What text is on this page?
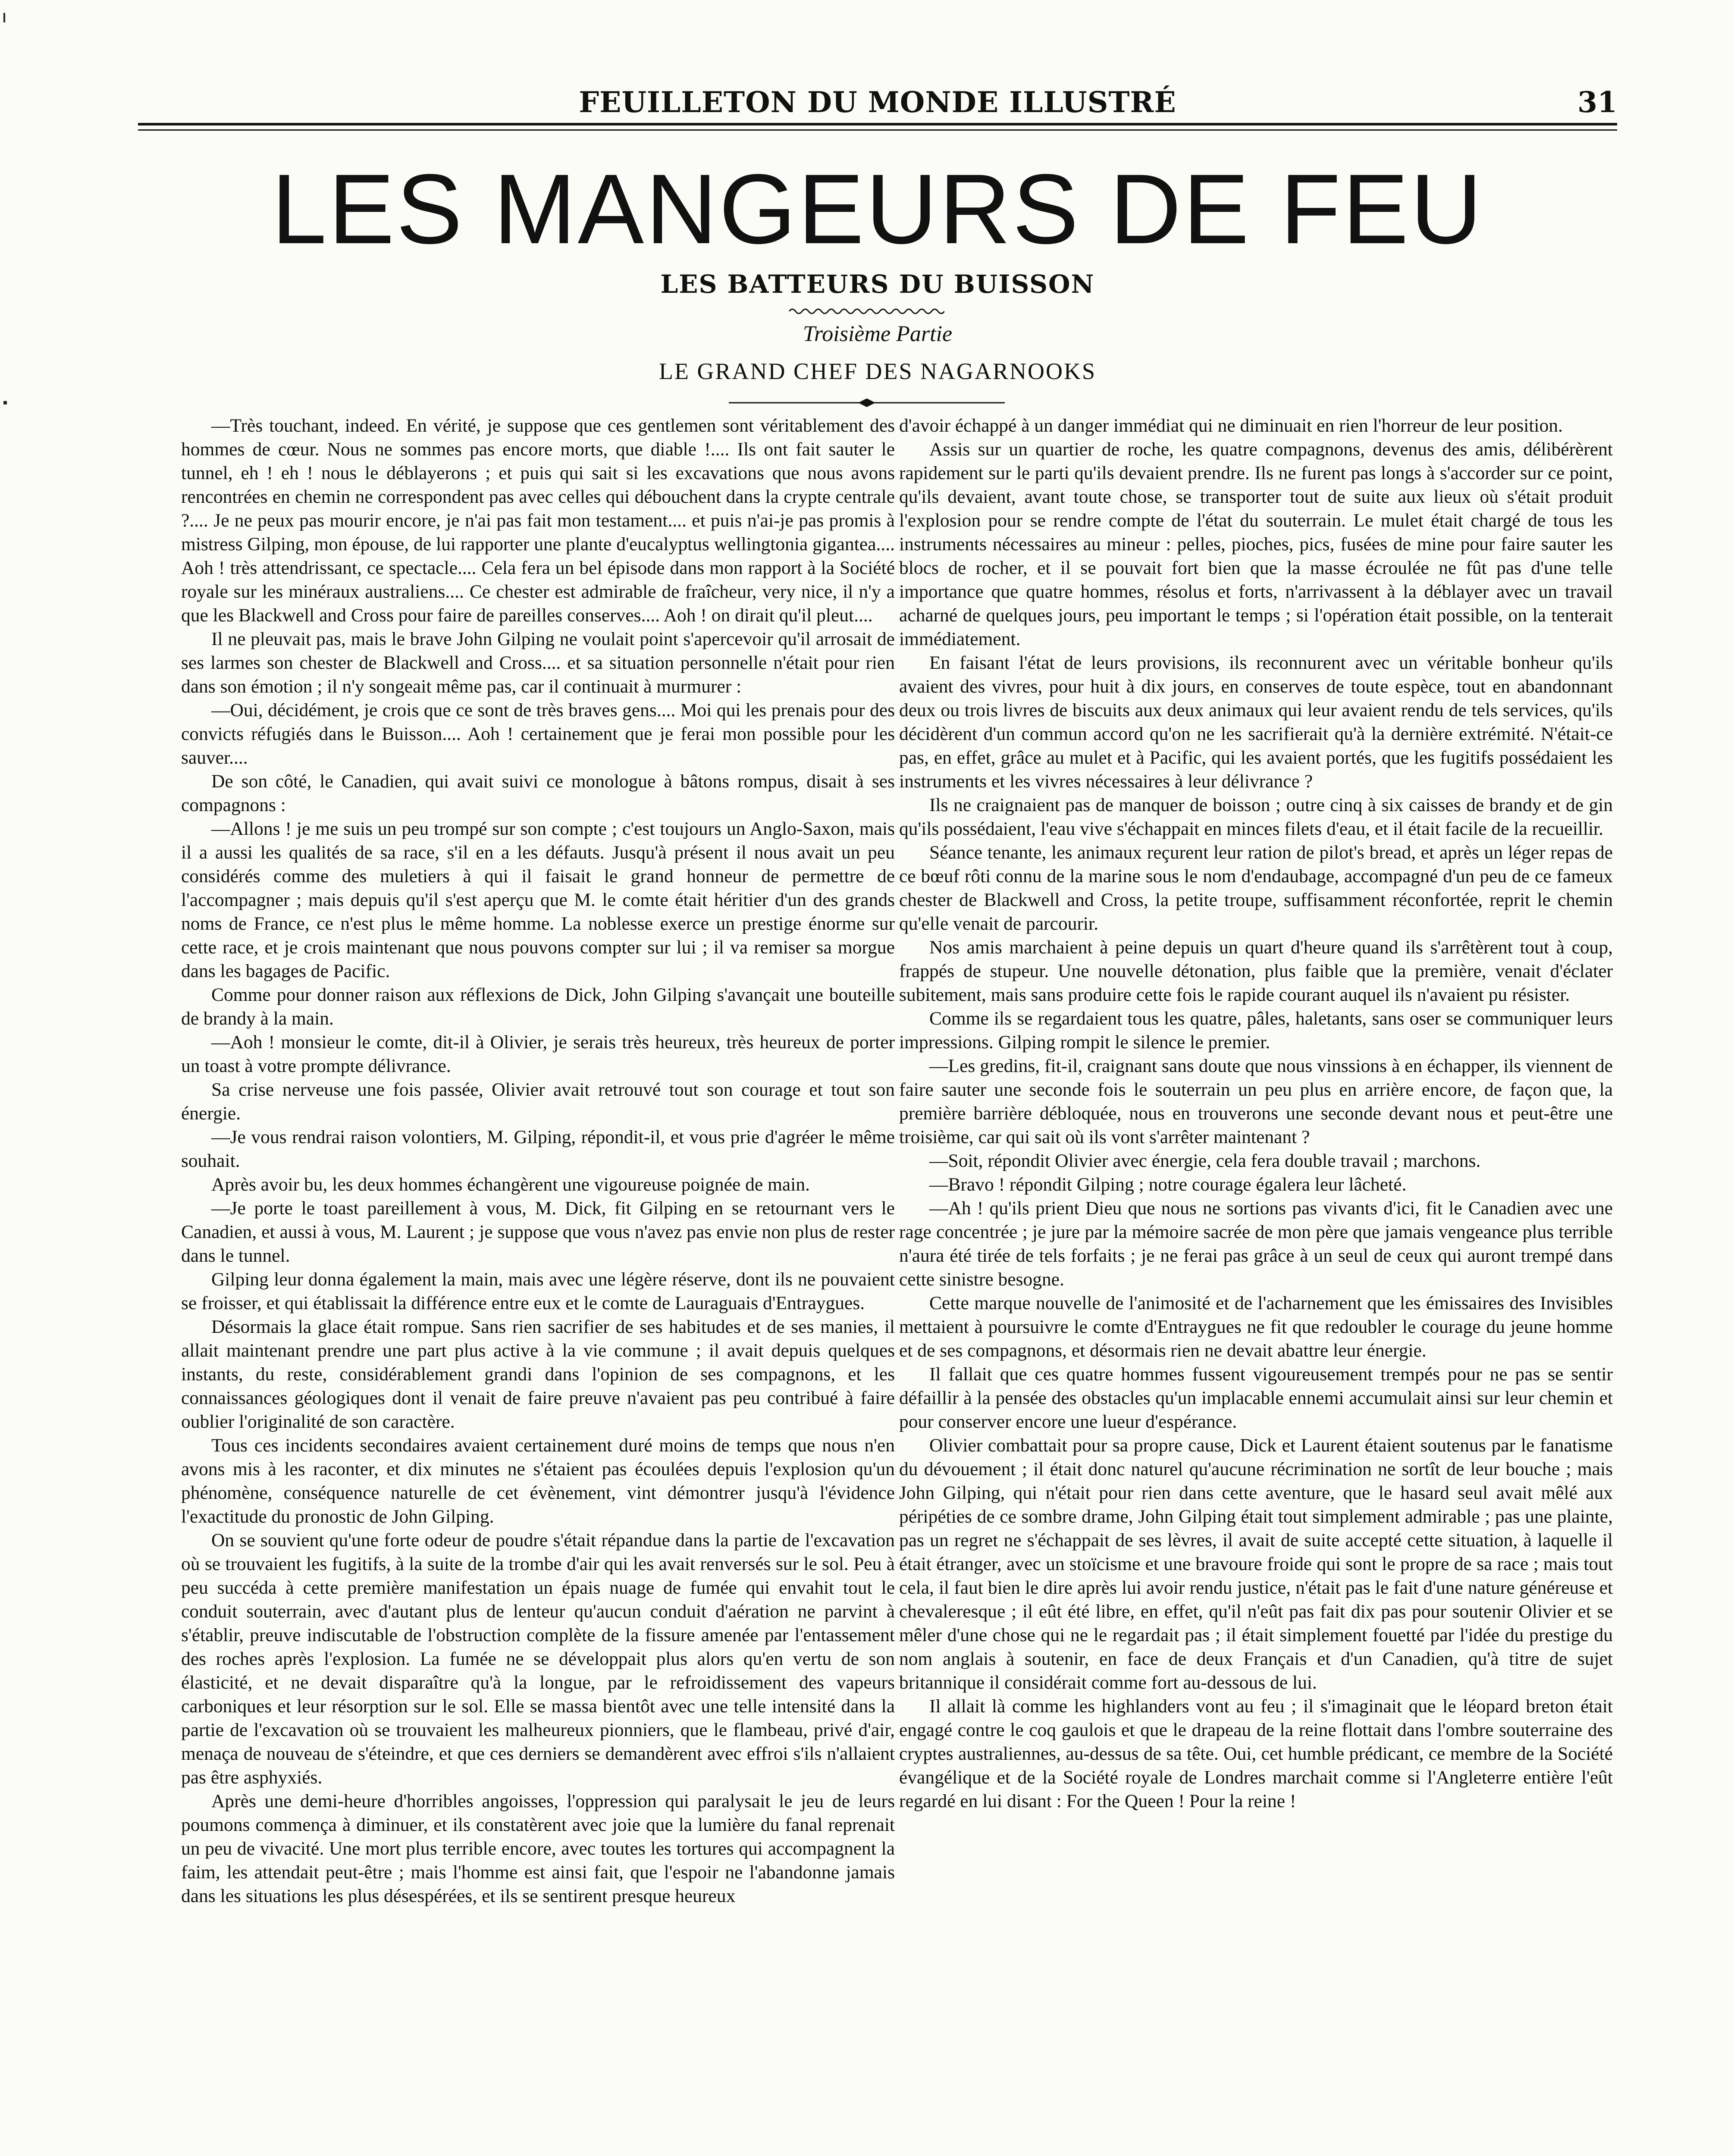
FEUILLETON DU MONDE ILLUSTRÉ	31
LES MANGEURS DE FEU
LES BATTEURS DU BUISSON
Troisième Partie
LE GRAND CHEF DES NAGARNOOKS

—Très touchant, indeed. En vérité, je suppose que ces gentlemen sont véritablement des hommes de cœur. Nous ne sommes pas encore morts, que diable !.... Ils ont fait sauter le tunnel, eh ! eh ! nous le déblayerons ; et puis qui sait si les excavations que nous avons rencontrées en chemin ne correspondent pas avec celles qui débouchent dans la crypte centrale ?.... Je ne peux pas mourir encore, je n'ai pas fait mon testament.... et puis n'ai-je pas promis à mistress Gilping, mon épouse, de lui rapporter une plante d'eucalyptus wellingtonia gigantea.... Aoh ! très attendrissant, ce spectacle.... Cela fera un bel épisode dans mon rapport à la Société royale sur les minéraux australiens.... Ce chester est admirable de fraîcheur, very nice, il n'y a que les Blackwell and Cross pour faire de pareilles conserves.... Aoh ! on dirait qu'il pleut....

Il ne pleuvait pas, mais le brave John Gilping ne voulait point s'apercevoir qu'il arrosait de ses larmes son chester de Blackwell and Cross.... et sa situation personnelle n'était pour rien dans son émotion ; il n'y songeait même pas, car il continuait à murmurer :

—Oui, décidément, je crois que ce sont de très braves gens.... Moi qui les prenais pour des convicts réfugiés dans le Buisson.... Aoh ! certainement que je ferai mon possible pour les sauver....

De son côté, le Canadien, qui avait suivi ce monologue à bâtons rompus, disait à ses compagnons :

—Allons ! je me suis un peu trompé sur son compte ; c'est toujours un Anglo-Saxon, mais il a aussi les qualités de sa race, s'il en a les défauts. Jusqu'à présent il nous avait un peu considérés comme des muletiers à qui il faisait le grand honneur de permettre de l'accompagner ; mais depuis qu'il s'est aperçu que M. le comte était héritier d'un des grands noms de France, ce n'est plus le même homme. La noblesse exerce un prestige énorme sur cette race, et je crois maintenant que nous pouvons compter sur lui ; il va remiser sa morgue dans les bagages de Pacific.

Comme pour donner raison aux réflexions de Dick, John Gilping s'avançait une bouteille de brandy à la main.

—Aoh ! monsieur le comte, dit-il à Olivier, je serais très heureux, très heureux de porter un toast à votre prompte délivrance.

Sa crise nerveuse une fois passée, Olivier avait retrouvé tout son courage et tout son énergie.

—Je vous rendrai raison volontiers, M. Gilping, répondit-il, et vous prie d'agréer le même souhait.

Après avoir bu, les deux hommes échangèrent une vigoureuse poignée de main.

—Je porte le toast pareillement à vous, M. Dick, fit Gilping en se retournant vers le Canadien, et aussi à vous, M. Laurent ; je suppose que vous n'avez pas envie non plus de rester dans le tunnel.

Gilping leur donna également la main, mais avec une légère réserve, dont ils ne pouvaient se froisser, et qui établissait la différence entre eux et le comte de Lauraguais d'Entraygues.

Désormais la glace était rompue. Sans rien sacrifier de ses habitudes et de ses manies, il allait maintenant prendre une part plus active à la vie commune ; il avait depuis quelques instants, du reste, considérablement grandi dans l'opinion de ses compagnons, et les connaissances géologiques dont il venait de faire preuve n'avaient pas peu contribué à faire oublier l'originalité de son caractère.

Tous ces incidents secondaires avaient certainement duré moins de temps que nous n'en avons mis à les raconter, et dix minutes ne s'étaient pas écoulées depuis l'explosion qu'un phénomène, conséquence naturelle de cet évènement, vint démontrer jusqu'à l'évidence l'exactitude du pronostic de John Gilping.

On se souvient qu'une forte odeur de poudre s'était répandue dans la partie de l'excavation où se trouvaient les fugitifs, à la suite de la trombe d'air qui les avait renversés sur le sol. Peu à peu succéda à cette première manifestation un épais nuage de fumée qui envahit tout le conduit souterrain, avec d'autant plus de lenteur qu'aucun conduit d'aération ne parvint à s'établir, preuve indiscutable de l'obstruction complète de la fissure amenée par l'entassement des roches après l'explosion. La fumée ne se développait plus alors qu'en vertu de son élasticité, et ne devait disparaître qu'à la longue, par le refroidissement des vapeurs carboniques et leur résorption sur le sol. Elle se massa bientôt avec une telle intensité dans la partie de l'excavation où se trouvaient les malheureux pionniers, que le flambeau, privé d'air, menaça de nouveau de s'éteindre, et que ces derniers se demandèrent avec effroi s'ils n'allaient pas être asphyxiés.

Après une demi-heure d'horribles angoisses, l'oppression qui paralysait le jeu de leurs poumons commença à diminuer, et ils constatèrent avec joie que la lumière du fanal reprenait un peu de vivacité. Une mort plus terrible encore, avec toutes les tortures qui accompagnent la faim, les attendait peut-être ; mais l'homme est ainsi fait, que l'espoir ne l'abandonne jamais dans les situations les plus désespérées, et ils se sentirent presque heureux

d'avoir échappé à un danger immédiat qui ne diminuait en rien l'horreur de leur position.

Assis sur un quartier de roche, les quatre compagnons, devenus des amis, délibérèrent rapidement sur le parti qu'ils devaient prendre. Ils ne furent pas longs à s'accorder sur ce point, qu'ils devaient, avant toute chose, se transporter tout de suite aux lieux où s'était produit l'explosion pour se rendre compte de l'état du souterrain. Le mulet était chargé de tous les instruments nécessaires au mineur : pelles, pioches, pics, fusées de mine pour faire sauter les blocs de rocher, et il se pouvait fort bien que la masse écroulée ne fût pas d'une telle importance que quatre hommes, résolus et forts, n'arrivassent à la déblayer avec un travail acharné de quelques jours, peu important le temps ; si l'opération était possible, on la tenterait immédiatement.

En faisant l'état de leurs provisions, ils reconnurent avec un véritable bonheur qu'ils avaient des vivres, pour huit à dix jours, en conserves de toute espèce, tout en abandonnant deux ou trois livres de biscuits aux deux animaux qui leur avaient rendu de tels services, qu'ils décidèrent d'un commun accord qu'on ne les sacrifierait qu'à la dernière extrémité. N'était-ce pas, en effet, grâce au mulet et à Pacific, qui les avaient portés, que les fugitifs possédaient les instruments et les vivres nécessaires à leur délivrance ?

Ils ne craignaient pas de manquer de boisson ; outre cinq à six caisses de brandy et de gin qu'ils possédaient, l'eau vive s'échappait en minces filets d'eau, et il était facile de la recueillir.

Séance tenante, les animaux reçurent leur ration de pilot's bread, et après un léger repas de ce bœuf rôti connu de la marine sous le nom d'endaubage, accompagné d'un peu de ce fameux chester de Blackwell and Cross, la petite troupe, suffisamment réconfortée, reprit le chemin qu'elle venait de parcourir.

Nos amis marchaient à peine depuis un quart d'heure quand ils s'arrêtèrent tout à coup, frappés de stupeur. Une nouvelle détonation, plus faible que la première, venait d'éclater subitement, mais sans produire cette fois le rapide courant auquel ils n'avaient pu résister.

Comme ils se regardaient tous les quatre, pâles, haletants, sans oser se communiquer leurs impressions. Gilping rompit le silence le premier.

—Les gredins, fit-il, craignant sans doute que nous vinssions à en échapper, ils viennent de faire sauter une seconde fois le souterrain un peu plus en arrière encore, de façon que, la première barrière débloquée, nous en trouverons une seconde devant nous et peut-être une troisième, car qui sait où ils vont s'arrêter maintenant ?

—Soit, répondit Olivier avec énergie, cela fera double travail ; marchons.

—Bravo ! répondit Gilping ; notre courage égalera leur lâcheté.

—Ah ! qu'ils prient Dieu que nous ne sortions pas vivants d'ici, fit le Canadien avec une rage concentrée ; je jure par la mémoire sacrée de mon père que jamais vengeance plus terrible n'aura été tirée de tels forfaits ; je ne ferai pas grâce à un seul de ceux qui auront trempé dans cette sinistre besogne.

Cette marque nouvelle de l'animosité et de l'acharnement que les émissaires des Invisibles mettaient à poursuivre le comte d'Entraygues ne fit que redoubler le courage du jeune homme et de ses compagnons, et désormais rien ne devait abattre leur énergie.

Il fallait que ces quatre hommes fussent vigoureusement trempés pour ne pas se sentir défaillir à la pensée des obstacles qu'un implacable ennemi accumulait ainsi sur leur chemin et pour conserver encore une lueur d'espérance.

Olivier combattait pour sa propre cause, Dick et Laurent étaient soutenus par le fanatisme du dévouement ; il était donc naturel qu'aucune récrimination ne sortît de leur bouche ; mais John Gilping, qui n'était pour rien dans cette aventure, que le hasard seul avait mêlé aux péripéties de ce sombre drame, John Gilping était tout simplement admirable ; pas une plainte, pas un regret ne s'échappait de ses lèvres, il avait de suite accepté cette situation, à laquelle il était étranger, avec un stoïcisme et une bravoure froide qui sont le propre de sa race ; mais tout cela, il faut bien le dire après lui avoir rendu justice, n'était pas le fait d'une nature généreuse et chevaleresque ; il eût été libre, en effet, qu'il n'eût pas fait dix pas pour soutenir Olivier et se mêler d'une chose qui ne le regardait pas ; il était simplement fouetté par l'idée du prestige du nom anglais à soutenir, en face de deux Français et d'un Canadien, qu'à titre de sujet britannique il considérait comme fort au-dessous de lui.

Il allait là comme les highlanders vont au feu ; il s'imaginait que le léopard breton était engagé contre le coq gaulois et que le drapeau de la reine flottait dans l'ombre souterraine des cryptes australiennes, au-dessus de sa tête. Oui, cet humble prédicant, ce membre de la Société évangélique et de la Société royale de Londres marchait comme si l'Angleterre entière l'eût regardé en lui disant : For the Queen ! Pour la reine !
